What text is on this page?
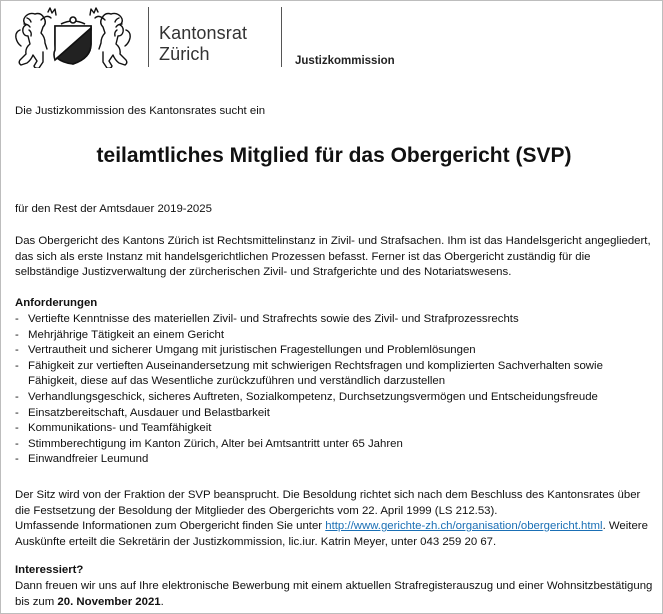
Kantonsrat
Zürich	Justizkommission
Die Justizkommission des Kantonsrates sucht ein
teilamtliches Mitglied für das Obergericht (SVP)
für den Rest der Amtsdauer 2019-2025
Das Obergericht des Kantons Zürich ist Rechtsmittelinstanz in Zivil- und Strafsachen. Ihm ist das Handelsgericht angegliedert, das sich als erste Instanz mit handelsgerichtlichen Prozessen befasst. Ferner ist das Obergericht zuständig für die selbständige Justizverwaltung der zürcherischen Zivil- und Strafgerichte und des Notariatswesens.
Anforderungen
- Vertiefte Kenntnisse des materiellen Zivil- und Strafrechts sowie des Zivil- und Strafprozessrechts
- Mehrjährige Tätigkeit an einem Gericht
- Vertrautheit und sicherer Umgang mit juristischen Fragestellungen und Problemlösungen
- Fähigkeit zur vertieften Auseinandersetzung mit schwierigen Rechtsfragen und komplizierten Sachverhalten sowie Fähigkeit, diese auf das Wesentliche zurückzuführen und verständlich darzustellen
- Verhandlungsgeschick, sicheres Auftreten, Sozialkompetenz, Durchsetzungsvermögen und Entscheidungsfreude
- Einsatzbereitschaft, Ausdauer und Belastbarkeit
- Kommunikations- und Teamfähigkeit
- Stimmberechtigung im Kanton Zürich, Alter bei Amtsantritt unter 65 Jahren
- Einwandfreier Leumund
Der Sitz wird von der Fraktion der SVP beansprucht. Die Besoldung richtet sich nach dem Beschluss des Kantonsrates über die Festsetzung der Besoldung der Mitglieder des Obergerichts vom 22. April 1999 (LS 212.53).
Umfassende Informationen zum Obergericht finden Sie unter http://www.gerichte-zh.ch/organisation/obergericht.html. Weitere Auskünfte erteilt die Sekretärin der Justizkommission, lic.iur. Katrin Meyer, unter 043 259 20 67.
Interessiert?
Dann freuen wir uns auf Ihre elektronische Bewerbung mit einem aktuellen Strafregisterauszug und einer Wohnsitzbestätigung bis zum 20. November 2021.
